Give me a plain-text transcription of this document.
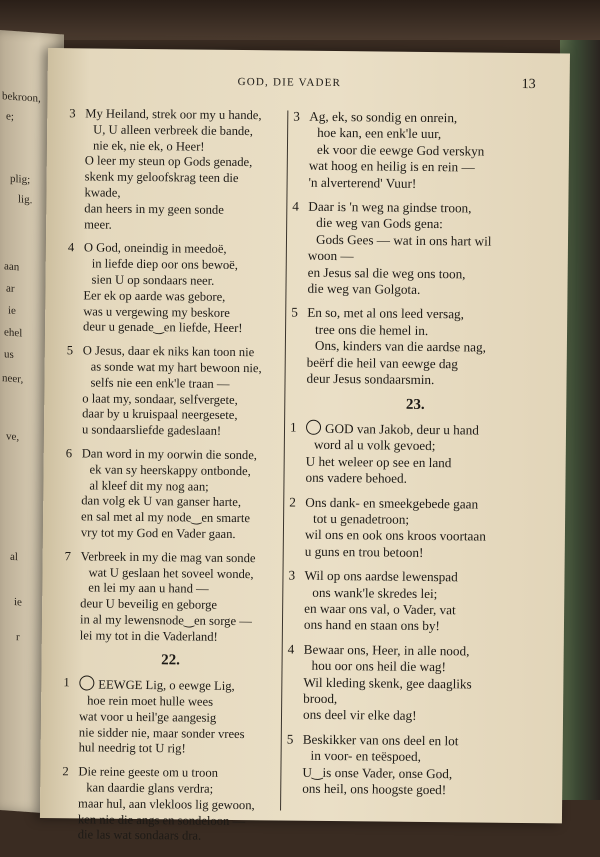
bekroon,
e;
plig;
lig.
aan
ar
ie
ehel
us
neer,
ve,
al
ie
r
GOD, DIE VADER	13
3 My Heiland, strek oor my u hande,
U, U alleen verbreek die bande,
nie ek, nie ek, o Heer!
O leer my steun op Gods genade,
skenk my geloofskrag teen die
kwade,
dan heers in my geen sonde
meer.
4 O God, oneindig in meedoë,
in liefde diep oor ons bewoë,
sien U op sondaars neer.
Eer ek op aarde was gebore,
was u vergewing my beskore
deur u genade‿en liefde, Heer!
5 O Jesus, daar ek niks kan toon nie
as sonde wat my hart bewoon nie,
selfs nie een enk'le traan —
o laat my, sondaar, selfvergete,
daar by u kruispaal neergesete,
u sondaarsliefde gadeslaan!
6 Dan word in my oorwin die sonde,
ek van sy heerskappy ontbonde,
al kleef dit my nog aan;
dan volg ek U van ganser harte,
en sal met al my node‿en smarte
vry tot my God en Vader gaan.
7 Verbreek in my die mag van sonde
wat U geslaan het soveel wonde,
en lei my aan u hand —
deur U beveilig en geborge
in al my lewensnode‿en sorge —
lei my tot in die Vaderland!
22.
1	EEWGE Lig, o eewge Lig,
hoe rein moet hulle wees
wat voor u heil'ge aangesig
nie sidder nie, maar sonder vrees
hul needrig tot U rig!
2 Die reine geeste om u troon
kan daardie glans verdra;
maar hul, aan vlekloos lig gewoon,
ken nie die angs en sondeloon —
die las wat sondaars dra.
3 Ag, ek, so sondig en onrein,
hoe kan, een enk'le uur,
ek voor die eewge God verskyn
wat hoog en heilig is en rein —
'n alverterend' Vuur!
4 Daar is 'n weg na gindse troon,
die weg van Gods gena:
Gods Gees — wat in ons hart wil
woon —
en Jesus sal die weg ons toon,
die weg van Golgota.
5 En so, met al ons leed versag,
tree ons die hemel in.
Ons, kinders van die aardse nag,
beërf die heil van eewge dag
deur Jesus sondaarsmin.
23.
1	GOD van Jakob, deur u hand
word al u volk gevoed;
U het weleer op see en land
ons vadere behoed.
2 Ons dank- en smeekgebede gaan
tot u genadetroon;
wil ons en ook ons kroos voortaan
u guns en trou betoon!
3 Wil op ons aardse lewenspad
ons wank'le skredes lei;
en waar ons val, o Vader, vat
ons hand en staan ons by!
4 Bewaar ons, Heer, in alle nood,
hou oor ons heil die wag!
Wil kleding skenk, gee daagliks
brood,
ons deel vir elke dag!
5 Beskikker van ons deel en lot
in voor- en teëspoed,
U‿is onse Vader, onse God,
ons heil, ons hoogste goed!
